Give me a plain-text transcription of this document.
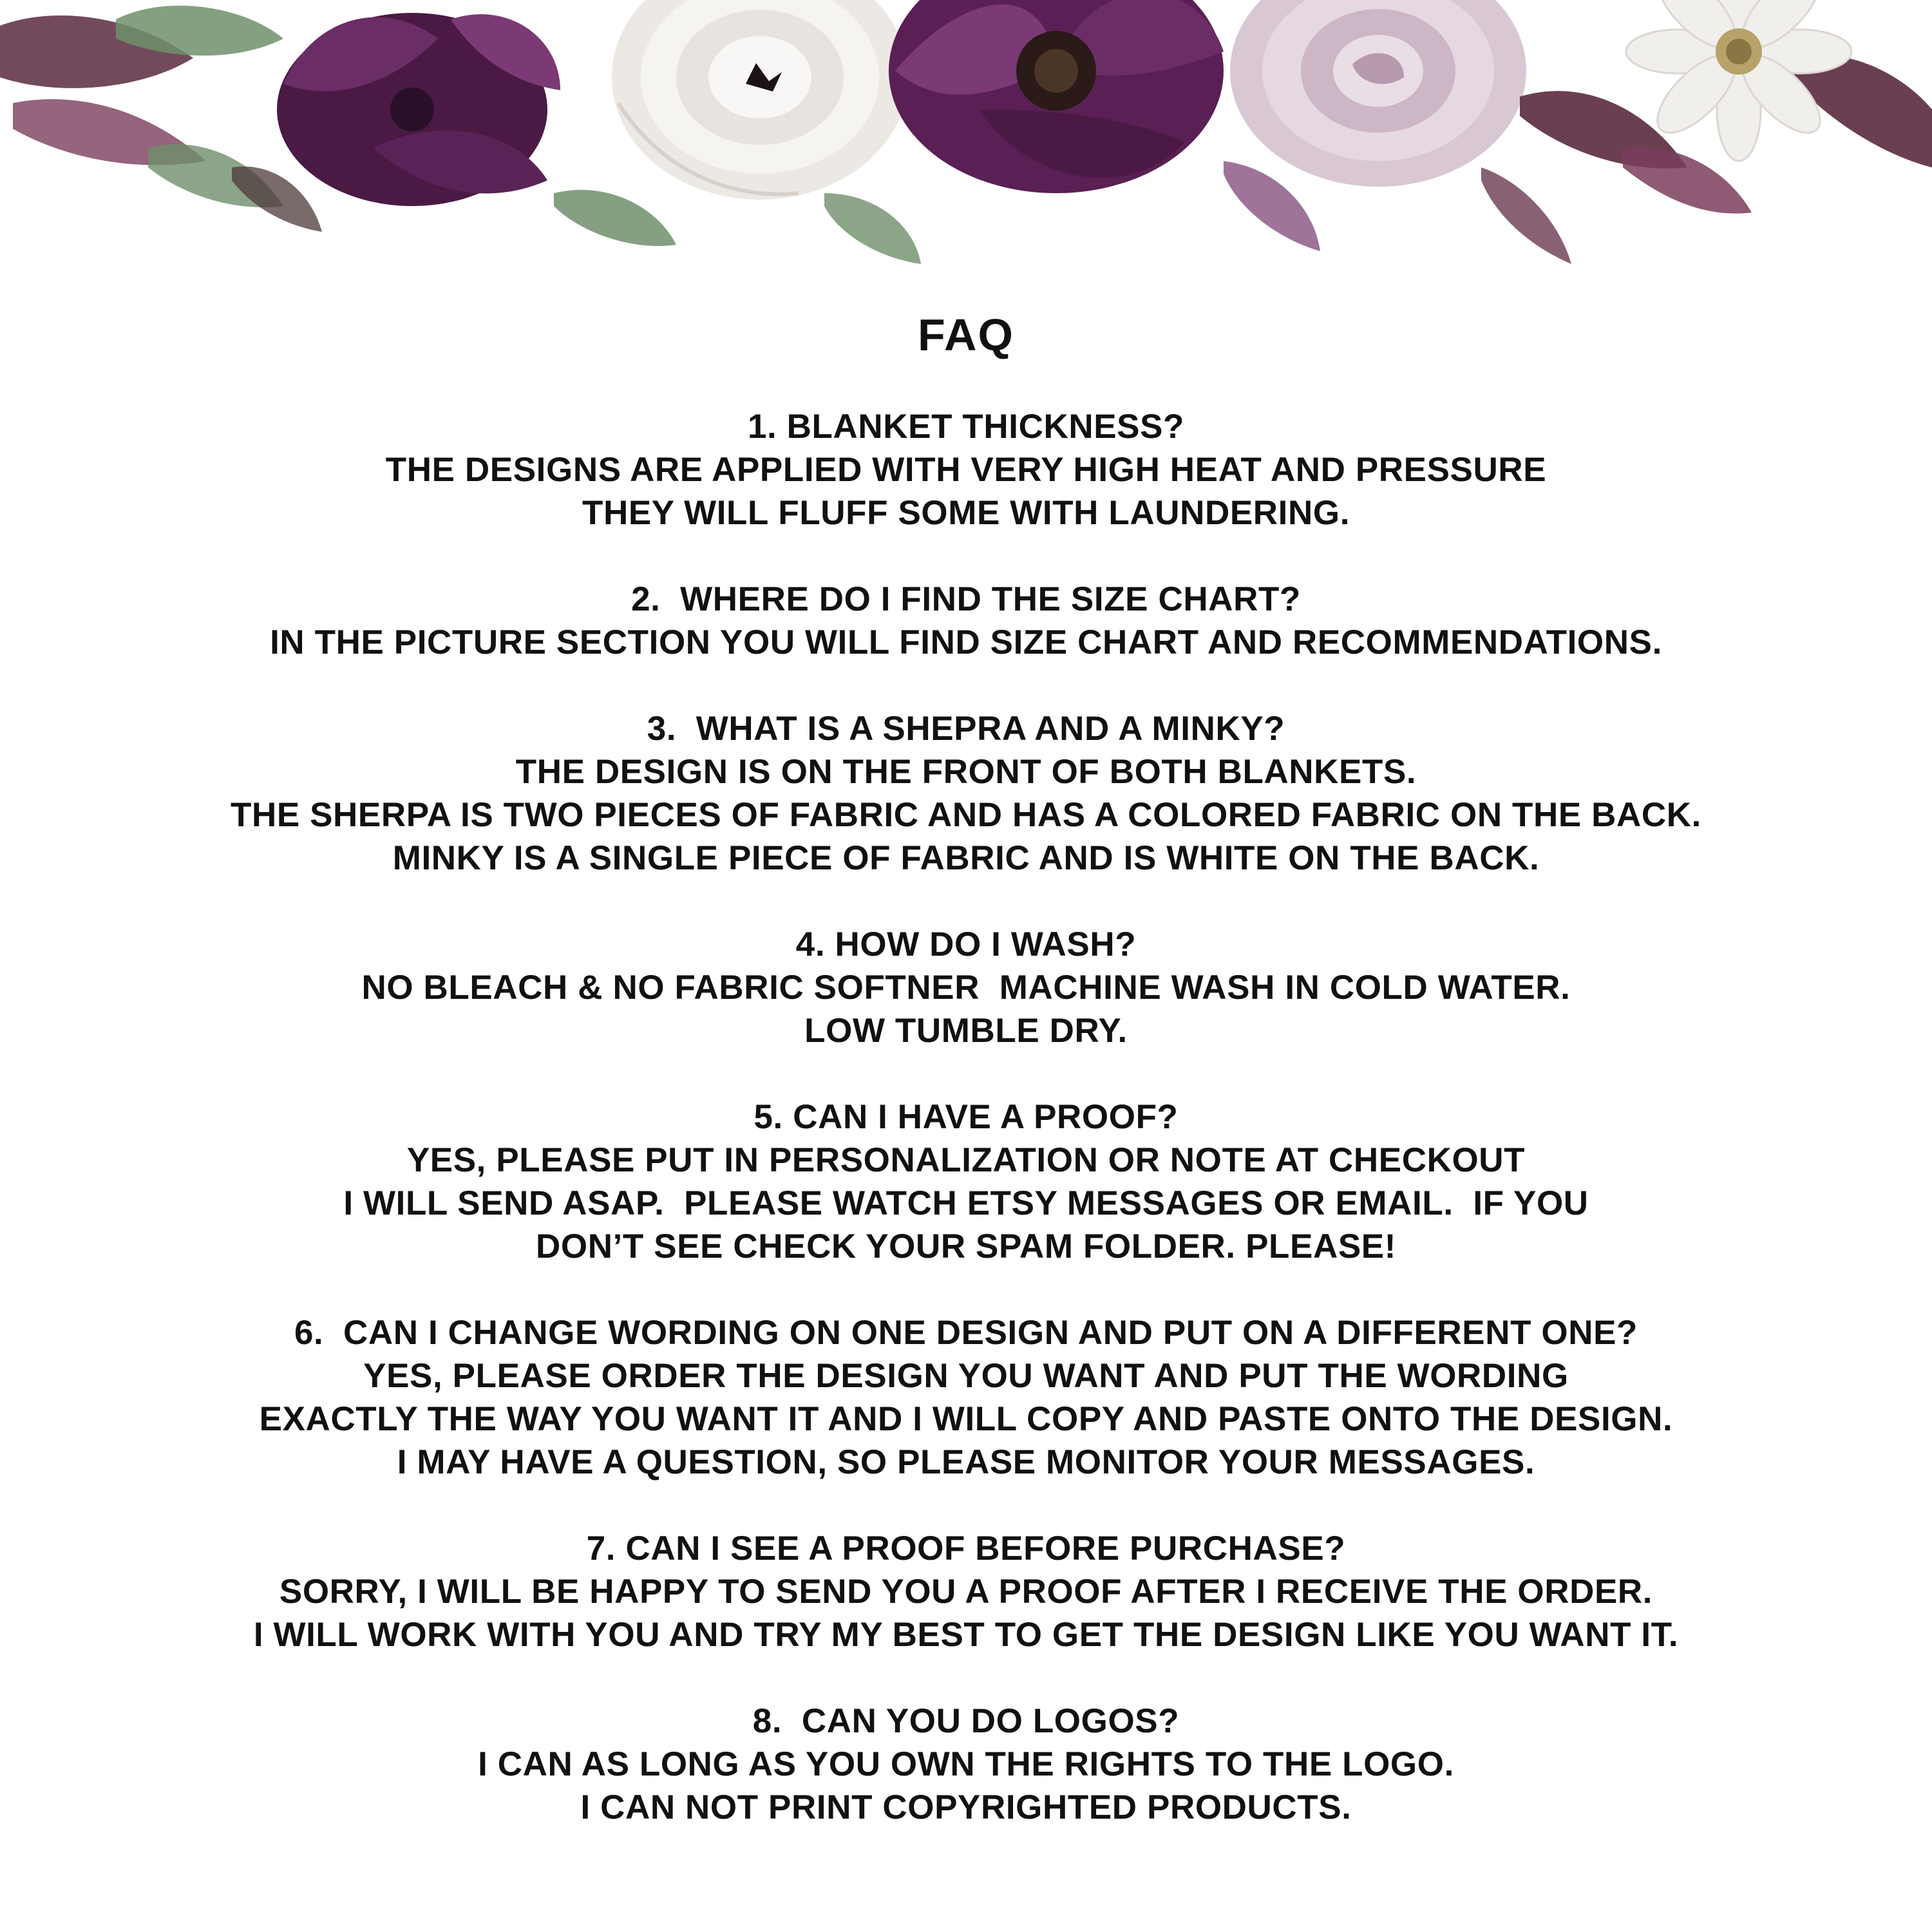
FAQ
1. BLANKET THICKNESS?
THE DESIGNS ARE APPLIED WITH VERY HIGH HEAT AND PRESSURE
THEY WILL FLUFF SOME WITH LAUNDERING.
2.  WHERE DO I FIND THE SIZE CHART?
IN THE PICTURE SECTION YOU WILL FIND SIZE CHART AND RECOMMENDATIONS.
3.  WHAT IS A SHEPRA AND A MINKY?
THE DESIGN IS ON THE FRONT OF BOTH BLANKETS.
THE SHERPA IS TWO PIECES OF FABRIC AND HAS A COLORED FABRIC ON THE BACK.
MINKY IS A SINGLE PIECE OF FABRIC AND IS WHITE ON THE BACK.
4. HOW DO I WASH?
NO BLEACH & NO FABRIC SOFTNER  MACHINE WASH IN COLD WATER.
LOW TUMBLE DRY.
5. CAN I HAVE A PROOF?
YES, PLEASE PUT IN PERSONALIZATION OR NOTE AT CHECKOUT
I WILL SEND ASAP.  PLEASE WATCH ETSY MESSAGES OR EMAIL.  IF YOU
DON’T SEE CHECK YOUR SPAM FOLDER. PLEASE!
6.  CAN I CHANGE WORDING ON ONE DESIGN AND PUT ON A DIFFERENT ONE?
YES, PLEASE ORDER THE DESIGN YOU WANT AND PUT THE WORDING
EXACTLY THE WAY YOU WANT IT AND I WILL COPY AND PASTE ONTO THE DESIGN.
I MAY HAVE A QUESTION, SO PLEASE MONITOR YOUR MESSAGES.
7. CAN I SEE A PROOF BEFORE PURCHASE?
SORRY, I WILL BE HAPPY TO SEND YOU A PROOF AFTER I RECEIVE THE ORDER.
I WILL WORK WITH YOU AND TRY MY BEST TO GET THE DESIGN LIKE YOU WANT IT.
8.  CAN YOU DO LOGOS?
I CAN AS LONG AS YOU OWN THE RIGHTS TO THE LOGO.
I CAN NOT PRINT COPYRIGHTED PRODUCTS.
